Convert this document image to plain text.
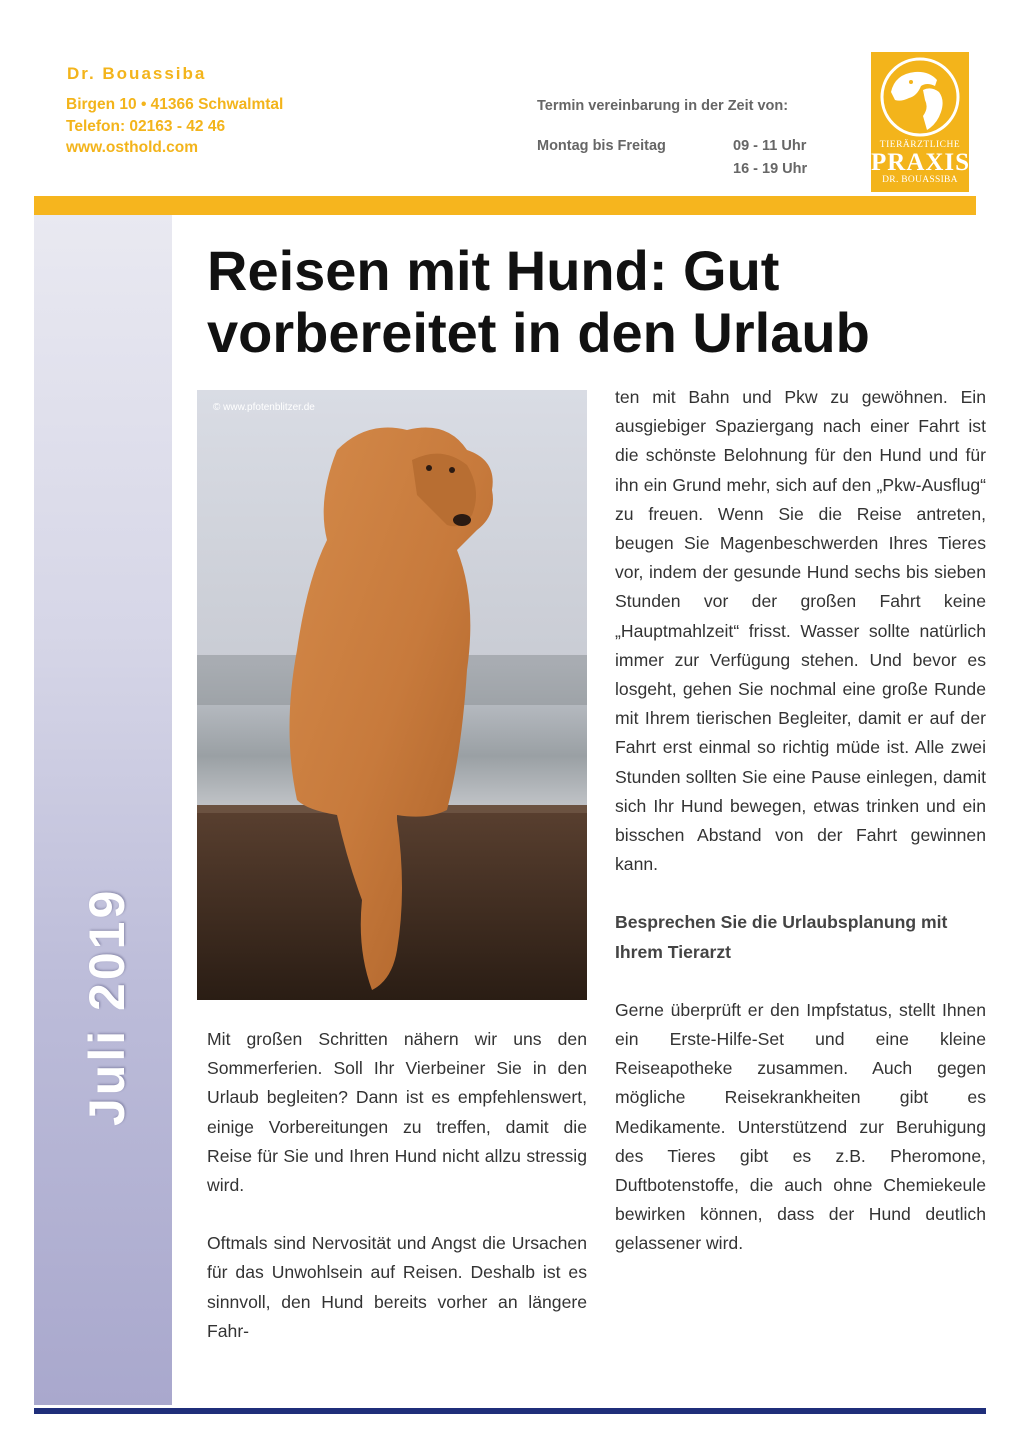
Dr. Bouassiba
Birgen 10 • 41366 Schwalmtal
Telefon: 02163 - 42 46
www.osthold.com
Termin vereinbarung in der Zeit von:
Montag bis Freitag	09 - 11 Uhr
16 - 19 Uhr
TIERÄRZTLICHE
PRAXIS
DR. BOUASSIBA
Juli 2019
Reisen mit Hund: Gut
vorbereitet in den Urlaub
© www.pfotenblitzer.de

Mit großen Schritten nähern wir uns den Sommerferien. Soll Ihr Vierbeiner Sie in den Urlaub begleiten? Dann ist es empfehlenswert, einige Vorbereitungen zu treffen, damit die Reise für Sie und Ihren Hund nicht allzu stressig wird.

Oftmals sind Nervosität und Angst die Ursachen für das Unwohlsein auf Reisen. Deshalb ist es sinnvoll, den Hund bereits vorher an längere Fahr-

ten mit Bahn und Pkw zu gewöhnen. Ein ausgiebiger Spaziergang nach einer Fahrt ist die schönste Belohnung für den Hund und für ihn ein Grund mehr, sich auf den „Pkw-Ausflug“ zu freuen. Wenn Sie die Reise antreten, beugen Sie Magenbeschwerden Ihres Tieres vor, indem der gesunde Hund sechs bis sieben Stunden vor der großen Fahrt keine „Hauptmahlzeit“ frisst. Wasser sollte natürlich immer zur Verfügung stehen. Und bevor es losgeht, gehen Sie nochmal eine große Runde mit Ihrem tierischen Begleiter, damit er auf der Fahrt erst einmal so richtig müde ist. Alle zwei Stunden sollten Sie eine Pause einlegen, damit sich Ihr Hund bewegen, etwas trinken und ein bisschen Abstand von der Fahrt gewinnen kann.

Besprechen Sie die Urlaubsplanung mit Ihrem Tierarzt

Gerne überprüft er den Impfstatus, stellt Ihnen ein Erste-Hilfe-Set und eine kleine Reiseapotheke zusammen. Auch gegen mögliche Reisekrankheiten gibt es Medikamente. Unterstützend zur Beruhigung des Tieres gibt es z.B. Pheromone, Duftbotenstoffe, die auch ohne Chemiekeule bewirken können, dass der Hund deutlich gelassener wird.
